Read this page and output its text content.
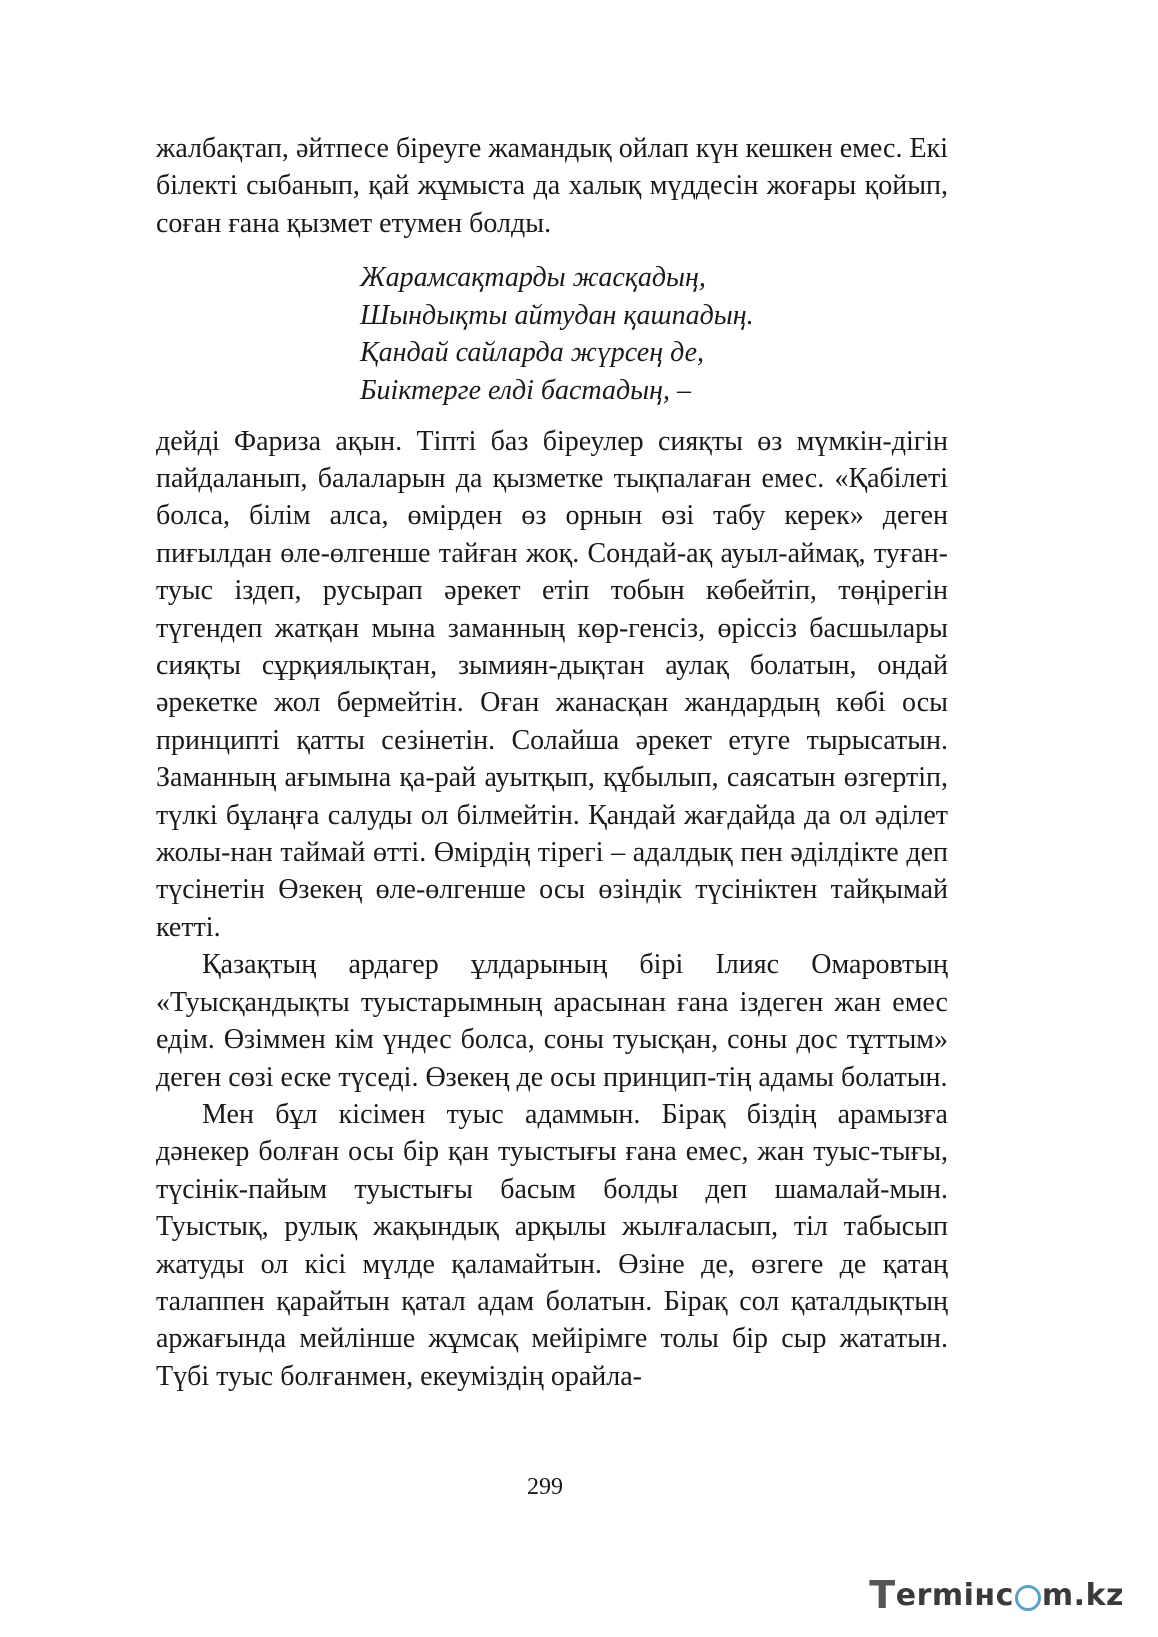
жалбақтап, әйтпесе біреуге жамандық ойлап күн кешкен емес. Екі білекті сыбанып, қай жұмыста да халық мүддесін жоғары қойып, соған ғана қызмет етумен болды.

Жарамсақтарды жасқадың,
Шындықты айтудан қашпадың.
Қандай сайларда жүрсең де,
Биіктерге елді бастадың, –

дейді Фариза ақын. Тіпті баз біреулер сияқты өз мүмкін-дігін пайдаланып, балаларын да қызметке тықпалаған емес. «Қабілеті болса, білім алса, өмірден өз орнын өзі табу керек» деген пиғылдан өле-өлгенше тайған жоқ. Сондай-ақ ауыл-аймақ, туған-туыс іздеп, русырап әрекет етіп тобын көбейтіп, төңірегін түгендеп жатқан мына заманның көр-генсіз, өріссіз басшылары сияқты сұрқиялықтан, зымиян-дықтан аулақ болатын, ондай әрекетке жол бермейтін. Оған жанасқан жандардың көбі осы принципті қатты сезінетін. Солайша әрекет етуге тырысатын. Заманның ағымына қа-рай ауытқып, құбылып, саясатын өзгертіп, түлкі бұлаңға салуды ол білмейтін. Қандай жағдайда да ол әділет жолы-нан таймай өтті. Өмірдің тірегі – адалдық пен әділдікте деп түсінетін Өзекең өле-өлгенше осы өзіндік түсініктен тайқымай кетті.

Қазақтың ардагер ұлдарының бірі Ілияс Омаровтың «Туысқандықты туыстарымның арасынан ғана іздеген жан емес едім. Өзіммен кім үндес болса, соны туысқан, соны дос тұттым» деген сөзі еске түседі. Өзекең де осы принцип-тің адамы болатын.

Мен бұл кісімен туыс адаммын. Бірақ біздің арамызға дәнекер болған осы бір қан туыстығы ғана емес, жан туыс-тығы, түсінік-пайым туыстығы басым болды деп шамалай-мын. Туыстық, рулық жақындық арқылы жылғаласып, тіл табысып жатуды ол кісі мүлде қаламайтын. Өзіне де, өзгеге де қатаң талаппен қарайтын қатал адам болатын. Бірақ сол қаталдықтың аржағында мейлінше жұмсақ мейірімге толы бір сыр жататын. Түбі туыс болғанмен, екеуміздің орайла-

299
T ermінc m.kz
